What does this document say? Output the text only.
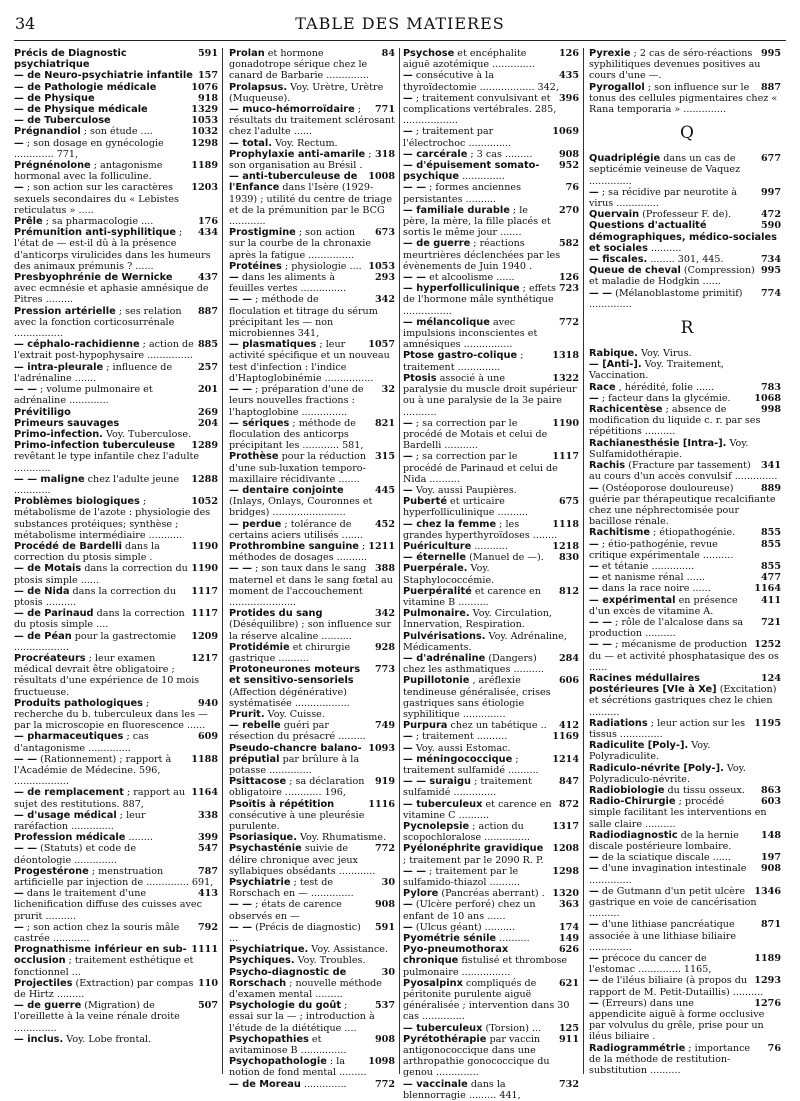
34	TABLE DES MATIERES
591
Précis de Diagnostic psychiatrique
157
— de Neuro-psychiatrie infantile
1076
— de Pathologie médicale
918
— de Physique
1329
— de Physique médicale
1053
— de Tuberculose
1032
Prégnandiol ; son étude ....
1298
— ; son dosage en gynécologie ............. 771,
1189
Prégnénolone ; antagonisme hormonal avec la folliculine.
1203
— ; son action sur les caractères sexuels secondaires du « Lebistes reticulatus » .....
176
Prêle ; sa pharmacologie ....
434
Prémunition anti-syphilitique ; l'état de — est-il dû à la présence d'anticorps virulicides dans les humeurs des animaux prémunis ? ......
437
Presbyophrénie de Wernicke avec ecmnésie et aphasie amnésique de Pitres .........
887
Pression artérielle ; ses relation avec la fonction corticosurrénale ................
885
— céphalo-rachidienne ; action de l'extrait post-hypophysaire ...............
257
— intra-pleurale ; influence de l'adrénaline .......
201
— — ; volume pulmonaire et adrénaline .............
269
Prévitiligo
204
Primeurs sauvages
Primo-infection. Voy. Tuberculose.
1289
Primo-infection tuberculeuse revêtant le type infantile chez l'adulte ............
1288
— — maligne chez l'adulte jeune ............
1052
Problèmes biologiques ; métabolisme de l'azote : physiologie des substances protéiques; synthèse ; métabolisme intermédiaire ...........
1190
Procédé de Bardelli dans la correction du ptosis simple .
1190
— de Motais dans la correction du ptosis simple ......
1117
— de Nida dans la correction du ptosis ..........
1117
— de Parinaud dans la correction du ptosis simple ....
1209
— de Péan pour la gastrectomie ..................
1217
Procréateurs ; leur examen médical devrait être obligatoire ; résultats d'une expérience de 10 mois fructueuse.
940
Produits pathologiques ; recherche du b. tuberculeux dans les — par la microscopie en fluorescence ......
609
— pharmaceutiques ; cas d'antagonisme ..............
1188
— — (Rationnement) ; rapport à l'Académie de Médecine. 596, ..................
1164
— de remplacement ; rapport au sujet des restitutions. 887,
338
— d'usage médical ; leur raréfaction ..............
399
Profession médicale ........
547
— — (Statuts) et code de déontologie ..............
787
Progestérone ; menstruation artificielle par injection de .............. 691,
413
— dans le traitement d'une lichenification diffuse des cuisses avec prurit ..........
792
— ; son action chez la souris mâle castrée ............
1111
Prognathisme inférieur en sub-occlusion ; traitement esthétique et fonctionnel ...
110
Projectiles (Extraction) par compas de Hirtz .........
507
— de guerre (Migration) de l'oreillette à la veine rénale droite ..............
— inclus. Voy. Lobe frontal.
84
Prolan et hormone gonadotrope sérique chez le canard de Barbarie ..............
Prolapsus. Voy. Urètre, Urètre (Muqueuse).
771
— muco-hémorroïdaire ; résultats du traitement sclérosant chez l'adulte ......
— total. Voy. Rectum.
318
Prophylaxie anti-amarile ; son organisation au Brésil .
1008
— anti-tuberculeuse de l'Enfance dans l'Isère (1929-1939) ; utilité du centre de triage et de la prémunition par le BCG ............
673
Prostigmine ; son action sur la courbe de la chronaxie après la fatigue ...............
1053
Protéines ; physiologie ....
293
— dans les aliments à feuilles vertes ...............
342
— — ; méthode de floculation et titrage du sérum précipitant les — non microbiennes 341,
1057
— plasmatiques ; leur activité spécifique et un nouveau test d'infection : l'indice d'Haptoglobinémie ................
32
— — ; préparation d'une de leurs nouvelles fractions : l'haptoglobine ...............
821
— sériques ; méthode de floculation des anticorps précipitant les ............ 581,
315
Prothèse pour la réduction d'une sub-luxation temporo-maxillaire récidivante .......
445
— dentaire conjointe (Inlays, Onlays, Couronnes et bridges) ........................
452
— perdue ; tolérance de certains aciers utilisés .......
1211
Prothrombine sanguine ; méthodes de dosages ..........
388
— — ; son taux dans le sang maternel et dans le sang fœtal au moment de l'accouchement ......................
342
Protides du sang (Déséquilibre) ; son influence sur la réserve alcaline ..........
928
Protidémie et chirurgie gastrique ..........
773
Protoneurones moteurs et sensitivo-sensoriels (Affection dégénérative) systématisée ..................
Prurit. Voy. Cuisse.
749
— rebelle guéri par résection du présacré .........
1093
Pseudo-chancre balano-préputial par brûlure à la potasse ..............
919
Psittacose ; sa déclaration obligatoire ............ 196,
1116
Psoïtis à répétition consécutive à une pleurésie purulente.
Psoriasique. Voy. Rhumatisme.
772
Psychasténie suivie de délire chronique avec jeux syllabiques obsédants ............
30
Psychiatrie ; test de Rorschach en — ..............
908
— — ; états de carence observés en —
591
— — (Précis de diagnostic) ...
Psychiatrique. Voy. Assistance.
Psychiques. Voy. Troubles.
30
Psycho-diagnostic de Rorschach ; nouvelle méthode d'examen mental .........
537
Psychologie du goût ; essai sur la — ; introduction à l'étude de la diététique ....
908
Psychopathies et avitaminose B ...............
1098
Psychopathologie : la notion de fond mental .........
772
— de Moreau ..............
126
Psychose et encéphalite aiguë azotémique ..............
435
— consécutive à la thyroïdectomie .................. 342,
396
— ; traitement convulsivant et complications vertébrales. 285, ..................
1069
— ; traitement par l'électrochoc ..............
908
— carcérale ; 3 cas .........
952
— d'épuisement somato-psychique ..............
76
— — ; formes anciennes persistantes ..........
270
— familiale durable ; le père, la mère, la fille placés et sortis le même jour .......
582
— de guerre ; réactions meurtrières déclenchées par les évènements de Juin 1940 .
126
— — et alcoolisme ......
723
— hyperfolliculinique ; effets de l'hormone mâle synthétique ................
772
— mélancolique avec impulsions inconscientes et amnésiques ................
1318
Ptose gastro-colique ; traitement ..............
1322
Ptosis associé à une paralysie du muscle droit supérieur ou à une paralysie de la 3e paire ...........
1190
— ; sa correction par le procédé de Motais et celui de Bardelli ...........
1117
— ; sa correction par le procédé de Parinaud et celui de Nida ..........
— Voy. aussi Paupières.
675
Puberté et urticaire hyperfolliculinique ..........
1118
— chez la femme ; les grandes hyperthyroïdoses ........
1218
Puériculture ...........
830
— éternelle (Manuel de —).
Puerpérale. Voy. Staphylococcémie.
812
Puerpéralité et carence en vitamine B ..........
Pulmonaire. Voy. Circulation, Innervation, Respiration.
Pulvérisations. Voy. Adrénaline, Médicaments.
284
— d'adrénaline (Dangers) chez les asthmatiques ..........
606
Pupillotonie , aréflexie tendineuse généralisée, crises gastriques sans étiologie syphilitique ..............
412
Purpura chez un tabétique ..
1169
— ; traitement ..........
— Voy. aussi Estomac.
1214
— méningococcique ; traitement sulfamidé ..........
847
— — suraigu ; traitement sulfamidé ..............
872
— tuberculeux et carence en vitamine C ..........
1317
Pycnolepsie ; action du scopochloralose ...............
1208
Pyélonéphrite gravidique ; traitement par le 2090 R. P.
1298
— — ; traitement par le sulfamido-thiazol ..........
1320
Pylore (Pancréas aberrant) .
363
— (Ulcère perforé) chez un enfant de 10 ans ......
174
— (Ulcus géant) ..........
149
Pyométrie sénile ..........
626
Pyo-pneumothorax chronique fistulisé et thrombose pulmonaire ................
621
Pyosalpinx compliqués de péritonite purulente aiguë généralisée ; intervention dans 30 cas ..............
125
— tuberculeux (Torsion) ...
911
Pyrétothérapie par vaccin antigonococcique dans une arthropathie gonococcique du genou ..............
732
— vaccinale dans la blennorragie ......... 441,
995
Pyrexie ; 2 cas de séro-réactions syphilitiques devenues positives au cours d'une —.
887
Pyrogallol ; son influence sur le tonus des cellules pigmentaires chez « Rana temporaria » ..............
Q
677
Quadriplégie dans un cas de septicémie veineuse de Vaquez ..............
997
— ; sa récidive par neurotite à virus ..............
472
Quervain (Professeur F. de).
590
Questions d'actualité démographiques, médico-sociales et sociales ..........
734
— fiscales. ........ 301, 445.
995
Queue de cheval (Compression) et maladie de Hodgkin ......
774
— — (Mélanoblastome primitif) ..............
R
Rabique. Voy. Virus.
— [Anti-]. Voy. Traitement, Vaccination.
783
Race , hérédité, folie ......
1068
— ; facteur dans la glycémie.
998
Rachicentèse ; absence de modification du liquide c. r. par ses répétitions ..........
Rachianesthésie [Intra-]. Voy. Sulfamidothérapie.
341
Rachis (Fracture par tassement) au cours d'un accès convulsif ..............
889
— (Ostéoporose douloureuse) guérie par thérapeutique recalcifiante chez une néphrectomisée pour bacillose rénale.
855
Rachitisme ; étiopathogénie.
855
— ; étio-pathogénie, revue critique expérimentale ..........
855
— et tétanie ..............
477
— et nanisme rénal ......
1164
— dans la race noire ......
411
— expérimental en présence d'un excès de vitamine A.
721
— — ; rôle de l'alcalose dans sa production ..........
1252
— — ; mécanisme de production du — et activité phosphatasique des os ......
124
Racines médullaires postérieures [VIe à Xe] (Excitation) et sécrétions gastriques chez le chien ..........
1195
Radiations ; leur action sur les tissus ..............
Radiculite [Poly-]. Voy. Polyradiculite.
Radiculo-névrite [Poly-]. Voy. Polyradiculo-névrite.
863
Radiobiologie du tissu osseux.
603
Radio-Chirurgie ; procédé simple facilitant les interventions en salle claire ..........
148
Radiodiagnostic de la hernie discale postérieure lombaire.
197
— de la sciatique discale ......
908
— d'une invagination intestinale ..............
1346
— de Gutmann d'un petit ulcère gastrique en voie de cancérisation ..........
871
— d'une lithiase pancréatique associée à une lithiase biliaire ..............
1189
— précoce du cancer de l'estomac .............. 1165,
1293
— de l'iléus biliaire (à propos du rapport de M. Petit-Dutaillis) ..........
1276
— (Erreurs) dans une appendicite aiguë à forme occlusive par volvulus du grêle, prise pour un iléus biliaire .
76
Radiogrammétrie ; importance de la méthode de restitution-substitution ..........
